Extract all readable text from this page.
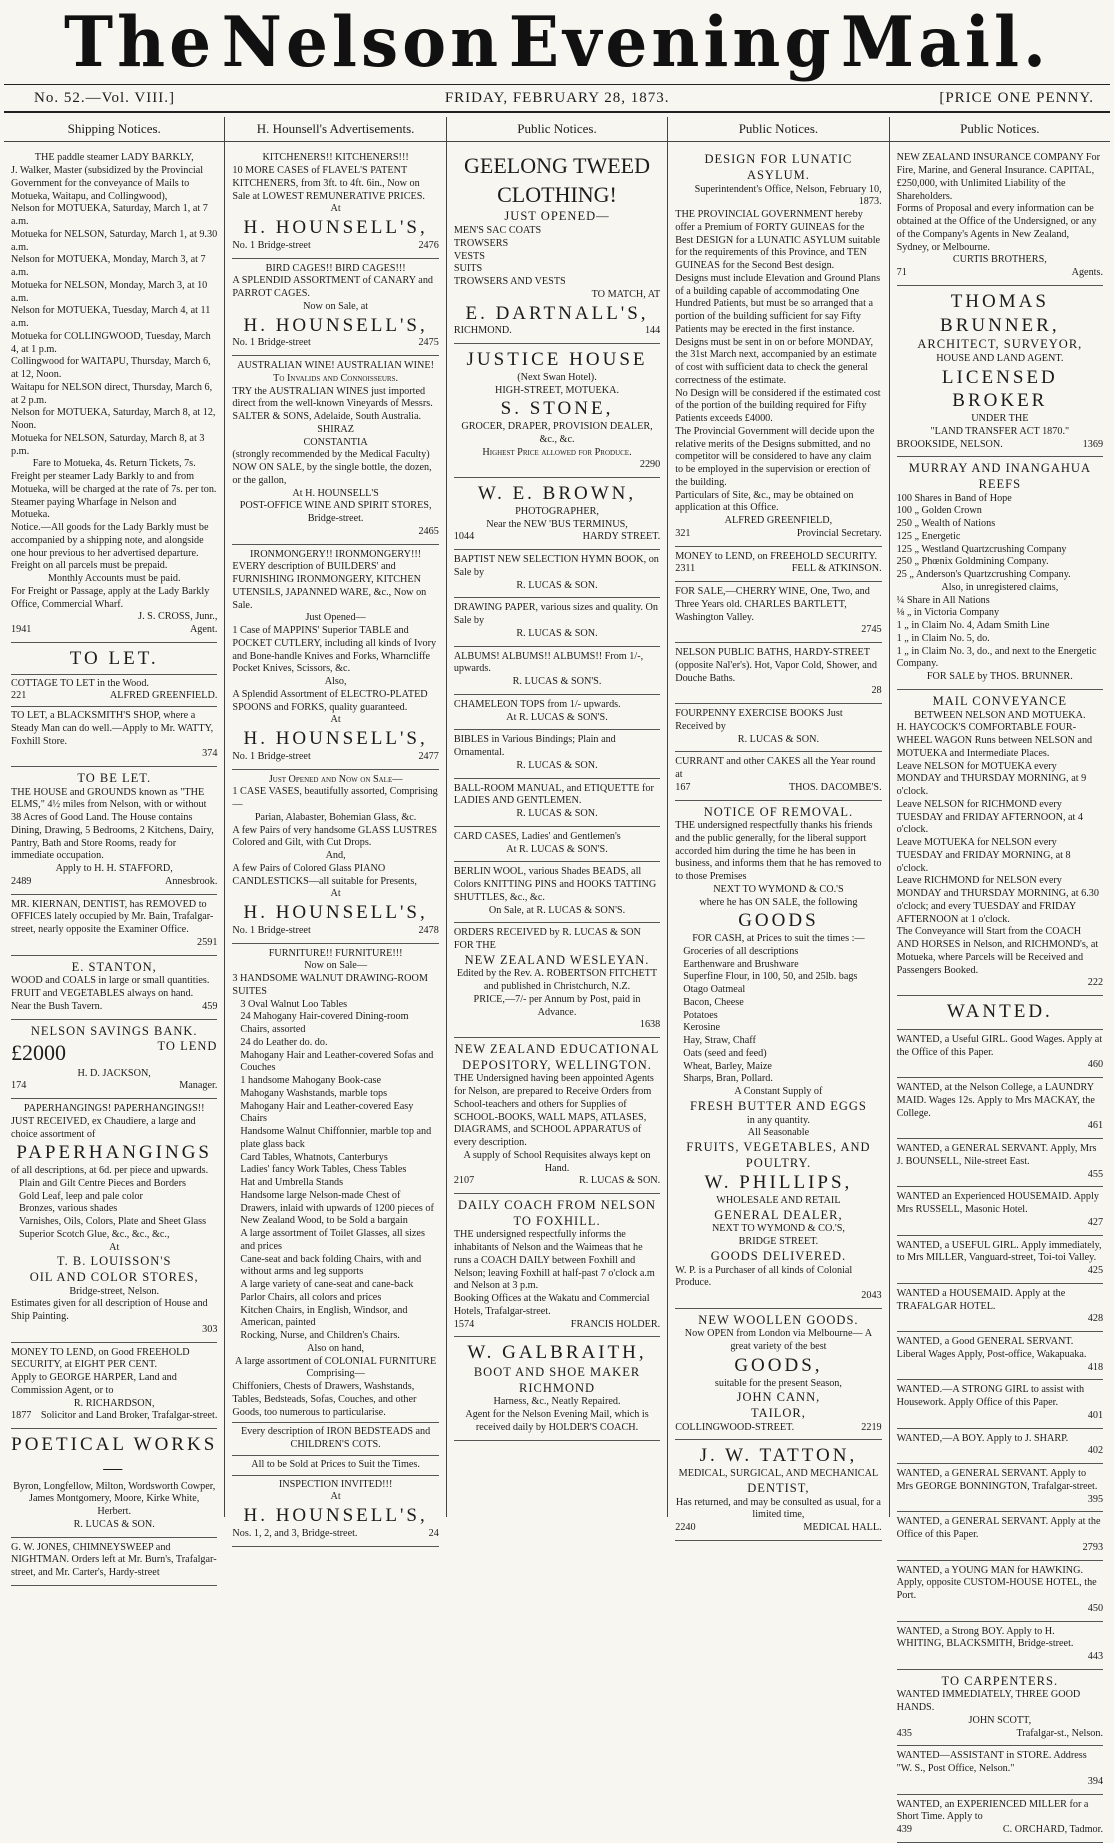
The Nelson Evening Mail.
No. 52.—Vol. VIII.]	FRIDAY, FEBRUARY 28, 1873.	[PRICE ONE PENNY.
Shipping Notices.

THE paddle steamer LADY BARKLY,

J. Walker, Master (subsidized by the Provincial Government for the conveyance of Mails to Motueka, Waitapu, and Collingwood),

Nelson for MOTUEKA, Saturday, March 1, at 7 a.m.

Motueka for NELSON, Saturday, March 1, at 9.30 a.m.

Nelson for MOTUEKA, Monday, March 3, at 7 a.m.

Motueka for NELSON, Monday, March 3, at 10 a.m.

Nelson for MOTUEKA, Tuesday, March 4, at 11 a.m.

Motueka for COLLINGWOOD, Tuesday, March 4, at 1 p.m.

Collingwood for WAITAPU, Thursday, March 6, at 12, Noon.

Waitapu for NELSON direct, Thursday, March 6, at 2 p.m.

Nelson for MOTUEKA, Saturday, March 8, at 12, Noon.

Motueka for NELSON, Saturday, March 8, at 3 p.m.

Fare to Motueka, 4s. Return Tickets, 7s.

Freight per steamer Lady Barkly to and from Motueka, will be charged at the rate of 7s. per ton. Steamer paying Wharfage in Nelson and Motueka.

Notice.—All goods for the Lady Barkly must be accompanied by a shipping note, and alongside one hour previous to her advertised departure.

Freight on all parcels must be prepaid.

Monthly Accounts must be paid.

For Freight or Passage, apply at the Lady Barkly Office, Commercial Wharf.

J. S. CROSS, Junr.,

1941	Agent.

TO LET.

COTTAGE TO LET in the Wood.

221	ALFRED GREENFIELD.

TO LET, a BLACKSMITH'S SHOP, where a Steady Man can do well.—Apply to Mr. WATTY, Foxhill Store.

374

TO BE LET.

THE HOUSE and GROUNDS known as "THE ELMS," 4½ miles from Nelson, with or without 38 Acres of Good Land. The House contains Dining, Drawing, 5 Bedrooms, 2 Kitchens, Dairy, Pantry, Bath and Store Rooms, ready for immediate occupation.

Apply to H. H. STAFFORD,

2489	Annesbrook.

MR. KIERNAN, DENTIST, has REMOVED to OFFICES lately occupied by Mr. Bain, Trafalgar-street, nearly opposite the Examiner Office.

2591

E. STANTON,

WOOD and COALS in large or small quantities. FRUIT and VEGETABLES always on hand.

Near the Bush Tavern.	459

NELSON SAVINGS BANK.

£2000	TO LEND

H. D. JACKSON,

174	Manager.

PAPERHANGINGS! PAPERHANGINGS!!

JUST RECEIVED, ex Chaudiere, a large and choice assortment of

PAPERHANGINGS

of all descriptions, at 6d. per piece and upwards.

Plain and Gilt Centre Pieces and Borders

Gold Leaf, leep and pale color

Bronzes, various shades

Varnishes, Oils, Colors, Plate and Sheet Glass

Superior Scotch Glue, &c., &c., &c.,

At

T. B. LOUISSON'S

OIL AND COLOR STORES,

Bridge-street, Nelson.

Estimates given for all description of House and Ship Painting.

303

MONEY TO LEND, on Good FREEHOLD SECURITY, at EIGHT PER CENT.

Apply to GEORGE HARPER, Land and Commission Agent, or to

R. RICHARDSON,

1877 Solicitor and Land Broker, Trafalgar-street.

POETICAL WORKS—

Byron, Longfellow, Milton, Wordsworth Cowper, James Montgomery, Moore, Kirke White, Herbert.

R. LUCAS & SON.

G. W. JONES, CHIMNEYSWEEP and NIGHTMAN. Orders left at Mr. Burn's, Trafalgar-street, and Mr. Carter's, Hardy-street

H. Hounsell's Advertisements.

KITCHENERS!! KITCHENERS!!!

10 MORE CASES of FLAVEL'S PATENT KITCHENERS, from 3ft. to 4ft. 6in., Now on Sale at LOWEST REMUNERATIVE PRICES.

At

H. HOUNSELL'S,

No. 1 Bridge-street	2476

BIRD CAGES!! BIRD CAGES!!!

A SPLENDID ASSORTMENT of CANARY and PARROT CAGES.

Now on Sale, at

H. HOUNSELL'S,

No. 1 Bridge-street	2475

AUSTRALIAN WINE! AUSTRALIAN WINE!

To Invalids and Connoisseurs.

TRY the AUSTRALIAN WINES just imported direct from the well-known Vineyards of Messrs. SALTER & SONS, Adelaide, South Australia.

SHIRAZ

CONSTANTIA

(strongly recommended by the Medical Faculty) NOW ON SALE, by the single bottle, the dozen, or the gallon,

At H. HOUNSELL'S

POST-OFFICE WINE AND SPIRIT STORES, Bridge-street.

2465

IRONMONGERY!! IRONMONGERY!!!

EVERY description of BUILDERS' and FURNISHING IRONMONGERY, KITCHEN UTENSILS, JAPANNED WARE, &c., Now on Sale.

Just Opened—

1 Case of MAPPINS' Superior TABLE and POCKET CUTLERY, including all kinds of Ivory and Bone-handle Knives and Forks, Wharncliffe Pocket Knives, Scissors, &c.

Also,

A Splendid Assortment of ELECTRO-PLATED SPOONS and FORKS, quality guaranteed.

At

H. HOUNSELL'S,

No. 1 Bridge-street	2477

Just Opened and Now on Sale—

1 CASE VASES, beautifully assorted, Comprising—

Parian, Alabaster, Bohemian Glass, &c.

A few Pairs of very handsome GLASS LUSTRES Colored and Gilt, with Cut Drops.

And,

A few Pairs of Colored Glass PIANO CANDLESTICKS—all suitable for Presents,

At

H. HOUNSELL'S,

No. 1 Bridge-street	2478

FURNITURE!! FURNITURE!!!

Now on Sale—

3 HANDSOME WALNUT DRAWING-ROOM SUITES

3 Oval Walnut Loo Tables

24 Mahogany Hair-covered Dining-room Chairs, assorted

24 do Leather do. do.

Mahogany Hair and Leather-covered Sofas and Couches

1 handsome Mahogany Book-case

Mahogany Washstands, marble tops

Mahogany Hair and Leather-covered Easy Chairs

Handsome Walnut Chiffonnier, marble top and plate glass back

Card Tables, Whatnots, Canterburys

Ladies' fancy Work Tables, Chess Tables

Hat and Umbrella Stands

Handsome large Nelson-made Chest of Drawers, inlaid with upwards of 1200 pieces of New Zealand Wood, to be Sold a bargain

A large assortment of Toilet Glasses, all sizes and prices

Cane-seat and back folding Chairs, with and without arms and leg supports

A large variety of cane-seat and cane-back Parlor Chairs, all colors and prices

Kitchen Chairs, in English, Windsor, and American, painted

Rocking, Nurse, and Children's Chairs.

Also on hand,

A large assortment of COLONIAL FURNITURE

Comprising—

Chiffoniers, Chests of Drawers, Washstands, Tables, Bedsteads, Sofas, Couches, and other Goods, too numerous to particularise.

Every description of IRON BEDSTEADS and CHILDREN'S COTS.

All to be Sold at Prices to Suit the Times.

INSPECTION INVITED!!!

At

H. HOUNSELL'S,

Nos. 1, 2, and 3, Bridge-street.	24

Public Notices.

GEELONG TWEED CLOTHING!

JUST OPENED—

MEN'S SAC COATS

TROWSERS

VESTS

SUITS

TROWSERS AND VESTS

TO MATCH, AT

E. DARTNALL'S,

RICHMOND.	144

JUSTICE HOUSE

(Next Swan Hotel).

HIGH-STREET, MOTUEKA.

S. STONE,

GROCER, DRAPER, PROVISION DEALER, &c., &c.

Highest Price allowed for Produce.

2290

W. E. BROWN,

PHOTOGRAPHER,

Near the NEW 'BUS TERMINUS,

1044	HARDY STREET.

BAPTIST NEW SELECTION HYMN BOOK, on Sale by

R. LUCAS & SON.

DRAWING PAPER, various sizes and quality. On Sale by

R. LUCAS & SON.

ALBUMS! ALBUMS!! ALBUMS!! From 1/-, upwards.

R. LUCAS & SON'S.

CHAMELEON TOPS from 1/- upwards.

At R. LUCAS & SON'S.

BIBLES in Various Bindings; Plain and Ornamental.

R. LUCAS & SON.

BALL-ROOM MANUAL, and ETIQUETTE for LADIES AND GENTLEMEN.

R. LUCAS & SON.

CARD CASES, Ladies' and Gentlemen's

At R. LUCAS & SON'S.

BERLIN WOOL, various Shades BEADS, all Colors KNITTING PINS and HOOKS TATTING SHUTTLES, &c., &c.

On Sale, at R. LUCAS & SON'S.

ORDERS RECEIVED by R. LUCAS & SON FOR THE

NEW ZEALAND WESLEYAN.

Edited by the Rev. A. ROBERTSON FITCHETT and published in Christchurch, N.Z.

PRICE,—7/- per Annum by Post, paid in Advance.

1638

NEW ZEALAND EDUCATIONAL DEPOSITORY, WELLINGTON.

THE Undersigned having been appointed Agents for Nelson, are prepared to Receive Orders from School-teachers and others for Supplies of SCHOOL-BOOKS, WALL MAPS, ATLASES, DIAGRAMS, and SCHOOL APPARATUS of every description.

A supply of School Requisites always kept on Hand.

2107	R. LUCAS & SON.

DAILY COACH FROM NELSON TO FOXHILL.

THE undersigned respectfully informs the inhabitants of Nelson and the Waimeas that he runs a COACH DAILY between Foxhill and Nelson; leaving Foxhill at half-past 7 o'clock a.m and Nelson at 3 p.m.

Booking Offices at the Wakatu and Commercial Hotels, Trafalgar-street.

1574	FRANCIS HOLDER.

W. GALBRAITH,

BOOT AND SHOE MAKER

RICHMOND

Harness, &c., Neatly Repaired.

Agent for the Nelson Evening Mail, which is received daily by HOLDER'S COACH.

Public Notices.

DESIGN FOR LUNATIC ASYLUM.

Superintendent's Office, Nelson, February 10, 1873.

THE PROVINCIAL GOVERNMENT hereby offer a Premium of FORTY GUINEAS for the Best DESIGN for a LUNATIC ASYLUM suitable for the requirements of this Province, and TEN GUINEAS for the Second Best design.

Designs must include Elevation and Ground Plans of a building capable of accommodating One Hundred Patients, but must be so arranged that a portion of the building sufficient for say Fifty Patients may be erected in the first instance.

Designs must be sent in on or before MONDAY, the 31st March next, accompanied by an estimate of cost with sufficient data to check the general correctness of the estimate.

No Design will be considered if the estimated cost of the portion of the building required for Fifty Patients exceeds £4000.

The Provincial Government will decide upon the relative merits of the Designs submitted, and no competitor will be considered to have any claim to be employed in the supervision or erection of the building.

Particulars of Site, &c., may be obtained on application at this Office.

ALFRED GREENFIELD,

321	Provincial Secretary.

MONEY to LEND, on FREEHOLD SECURITY.

2311	FELL & ATKINSON.

FOR SALE,—CHERRY WINE, One, Two, and Three Years old. CHARLES BARTLETT, Washington Valley.

2745

NELSON PUBLIC BATHS, HARDY-STREET (opposite Nal'er's). Hot, Vapor Cold, Shower, and Douche Baths.

28

FOURPENNY EXERCISE BOOKS Just Received by

R. LUCAS & SON.

CURRANT and other CAKES all the Year round at

167	THOS. DACOMBE'S.

NOTICE OF REMOVAL.

THE undersigned respectfully thanks his friends and the public generally, for the liberal support accorded him during the time he has been in business, and informs them that he has removed to to those Premises

NEXT TO WYMOND & CO.'S

where he has ON SALE, the following

GOODS

FOR CASH, at Prices to suit the times :—

Groceries of all descriptions

Earthenware and Brushware

Superfine Flour, in 100, 50, and 25lb. bags

Otago Oatmeal

Bacon, Cheese

Potatoes

Kerosine

Hay, Straw, Chaff

Oats (seed and feed)

Wheat, Barley, Maize

Sharps, Bran, Pollard.

A Constant Supply of

FRESH BUTTER AND EGGS

in any quantity.

All Seasonable

FRUITS, VEGETABLES, AND POULTRY.

W. PHILLIPS,

WHOLESALE AND RETAIL

GENERAL DEALER,

NEXT TO WYMOND & CO.'S,

BRIDGE STREET.

GOODS DELIVERED.

W. P. is a Purchaser of all kinds of Colonial Produce.

2043

NEW WOOLLEN GOODS.

Now OPEN from London via Melbourne— A great variety of the best

GOODS,

suitable for the present Season,

JOHN CANN,

TAILOR,

COLLINGWOOD-STREET.	2219

J. W. TATTON,

MEDICAL, SURGICAL, AND MECHANICAL

DENTIST,

Has returned, and may be consulted as usual, for a limited time,

2240	MEDICAL HALL.

Public Notices.

NEW ZEALAND INSURANCE COMPANY For Fire, Marine, and General Insurance. CAPITAL, £250,000, with Unlimited Liability of the Shareholders.

Forms of Proposal and every information can be obtained at the Office of the Undersigned, or any of the Company's Agents in New Zealand, Sydney, or Melbourne.

CURTIS BROTHERS,

71	Agents.

THOMAS BRUNNER,

ARCHITECT, SURVEYOR,

HOUSE AND LAND AGENT.

LICENSED BROKER

UNDER THE

"LAND TRANSFER ACT 1870."

BROOKSIDE, NELSON.	1369

MURRAY AND INANGAHUA REEFS

100 Shares in Band of Hope

100 „ Golden Crown

250 „ Wealth of Nations

125 „ Energetic

125 „ Westland Quartzcrushing Company

250 „ Phœnix Goldmining Company.

25 „ Anderson's Quartzcrushing Company.

Also, in unregistered claims,

¼ Share in All Nations

⅛ „ in Victoria Company

1 „ in Claim No. 4, Adam Smith Line

1 „ in Claim No. 5, do.

1 „ in Claim No. 3, do., and next to the Energetic Company.

FOR SALE by THOS. BRUNNER.

MAIL CONVEYANCE

BETWEEN NELSON AND MOTUEKA.

H. HAYCOCK'S COMFORTABLE FOUR-WHEEL WAGON Runs between NELSON and MOTUEKA and Intermediate Places.

Leave NELSON for MOTUEKA every MONDAY and THURSDAY MORNING, at 9 o'clock.

Leave NELSON for RICHMOND every TUESDAY and FRIDAY AFTERNOON, at 4 o'clock.

Leave MOTUEKA for NELSON every TUESDAY and FRIDAY MORNING, at 8 o'clock.

Leave RICHMOND for NELSON every MONDAY and THURSDAY MORNING, at 6.30 o'clock; and every TUESDAY and FRIDAY AFTERNOON at 1 o'clock.

The Conveyance will Start from the COACH AND HORSES in Nelson, and RICHMOND's, at Motueka, where Parcels will be Received and Passengers Booked.

222

WANTED.

WANTED, a Useful GIRL. Good Wages. Apply at the Office of this Paper.

460

WANTED, at the Nelson College, a LAUNDRY MAID. Wages 12s. Apply to Mrs MACKAY, the College.

461

WANTED, a GENERAL SERVANT. Apply, Mrs J. BOUNSELL, Nile-street East.

455

WANTED an Experienced HOUSEMAID. Apply Mrs RUSSELL, Masonic Hotel.

427

WANTED, a USEFUL GIRL. Apply immediately, to Mrs MILLER, Vanguard-street, Toi-toi Valley.

425

WANTED a HOUSEMAID. Apply at the TRAFALGAR HOTEL.

428

WANTED, a Good GENERAL SERVANT. Liberal Wages Apply, Post-office, Wakapuaka.

418

WANTED.—A STRONG GIRL to assist with Housework. Apply Office of this Paper.

401

WANTED,—A BOY. Apply to J. SHARP.

402

WANTED, a GENERAL SERVANT. Apply to Mrs GEORGE BONNINGTON, Trafalgar-street.

395

WANTED, a GENERAL SERVANT. Apply at the Office of this Paper.

2793

WANTED, a YOUNG MAN for HAWKING. Apply, opposite CUSTOM-HOUSE HOTEL, the Port.

450

WANTED, a Strong BOY. Apply to H. WHITING, BLACKSMITH, Bridge-street.

443

TO CARPENTERS.

WANTED IMMEDIATELY, THREE GOOD HANDS.

JOHN SCOTT,

435	Trafalgar-st., Nelson.

WANTED—ASSISTANT in STORE. Address "W. S., Post Office, Nelson."

394

WANTED, an EXPERIENCED MILLER for a Short Time. Apply to

439	C. ORCHARD, Tadmor.
